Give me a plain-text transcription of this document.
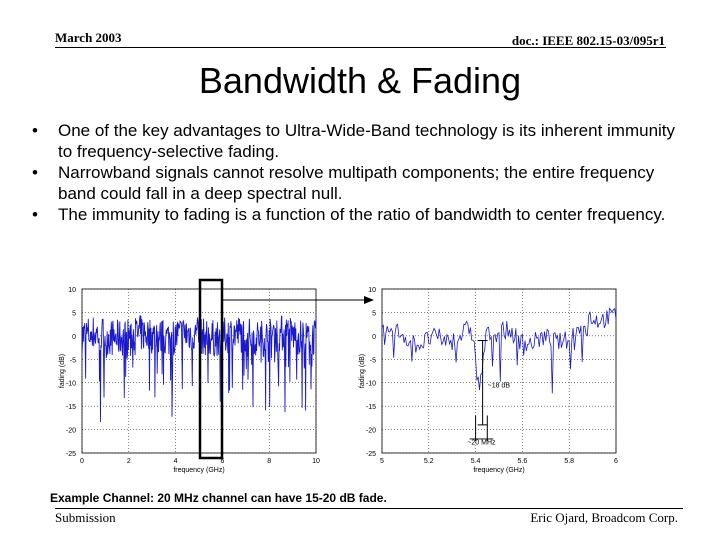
March 2003	doc.: IEEE 802.15-03/095r1
Bandwidth & Fading
• One of the key advantages to Ultra-Wide-Band technology is its inherent immunity to frequency-selective fading.
• Narrowband signals cannot resolve multipath components; the entire frequency band could fall in a deep spectral null.
• The immunity to fading is a function of the ratio of bandwidth to center frequency.
10
5
0
-5
-10
-15
-20
-25
0	2	4	6	8	10
frequency (GHz)
fading (dB)
10
5
0
-5
-10
-15
-20
-25
5	5.2	5.4	5.6	5.8	6
frequency (GHz)
fading (dB)	~18 dB
~20 MHz
Example Channel: 20 MHz channel can have 15-20 dB fade.
Submission	Eric Ojard, Broadcom Corp.
